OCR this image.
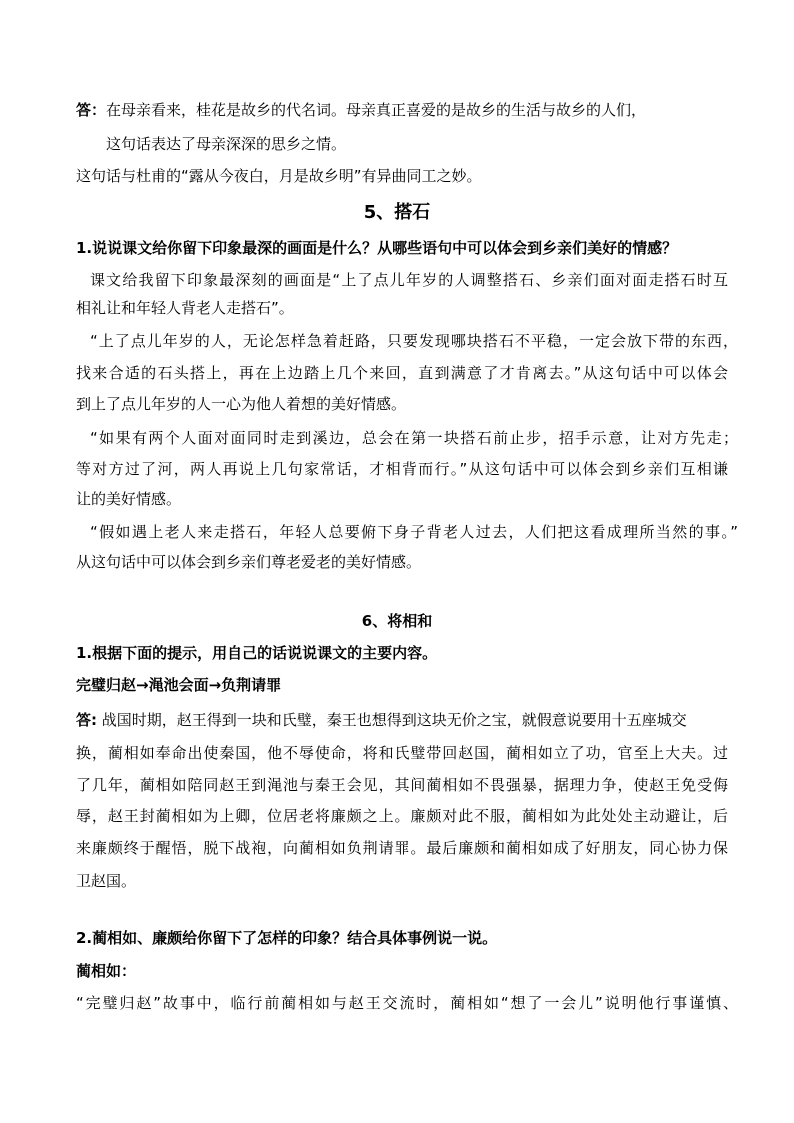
答：在母亲看来，桂花是故乡的代名词。母亲真正喜爱的是故乡的生活与故乡的人们，
这句话表达了母亲深深的思乡之情。
这句话与杜甫的“露从今夜白，月是故乡明”有异曲同工之妙。
5、搭石
1.说说课文给你留下印象最深的画面是什么？从哪些语句中可以体会到乡亲们美好的情感？
课文给我留下印象最深刻的画面是“上了点儿年岁的人调整搭石、乡亲们面对面走搭石时互
相礼让和年轻人背老人走搭石”。
“上了点儿年岁的人，无论怎样急着赶路，只要发现哪块搭石不平稳，一定会放下带的东西，
找来合适的石头搭上，再在上边踏上几个来回，直到满意了才肯离去。”从这句话中可以体会
到上了点儿年岁的人一心为他人着想的美好情感。
“如果有两个人面对面同时走到溪边，总会在第一块搭石前止步，招手示意，让对方先走；
等对方过了河，两人再说上几句家常话，才相背而行。”从这句话中可以体会到乡亲们互相谦
让的美好情感。
“假如遇上老人来走搭石，年轻人总要俯下身子背老人过去，人们把这看成理所当然的事。”
从这句话中可以体会到乡亲们尊老爱老的美好情感。
6、将相和
1.根据下面的提示，用自己的话说说课文的主要内容。
完璧归赵→渑池会面→负荆请罪
答: 战国时期，赵王得到一块和氏璧，秦王也想得到这块无价之宝，就假意说要用十五座城交
换，蔺相如奉命出使秦国，他不辱使命，将和氏璧带回赵国，蔺相如立了功，官至上大夫。过
了几年，蔺相如陪同赵王到渑池与秦王会见，其间蔺相如不畏强暴，据理力争，使赵王免受侮
辱，赵王封蔺相如为上卿，位居老将廉颇之上。廉颇对此不服，蔺相如为此处处主动避让，后
来廉颇终于醒悟，脱下战袍，向蔺相如负荆请罪。最后廉颇和蔺相如成了好朋友，同心协力保
卫赵国。
2.蔺相如、廉颇给你留下了怎样的印象？结合具体事例说一说。
蔺相如：
“完璧归赵”故事中，临行前蔺相如与赵王交流时，蔺相如“想了一会儿”说明他行事谨慎、
